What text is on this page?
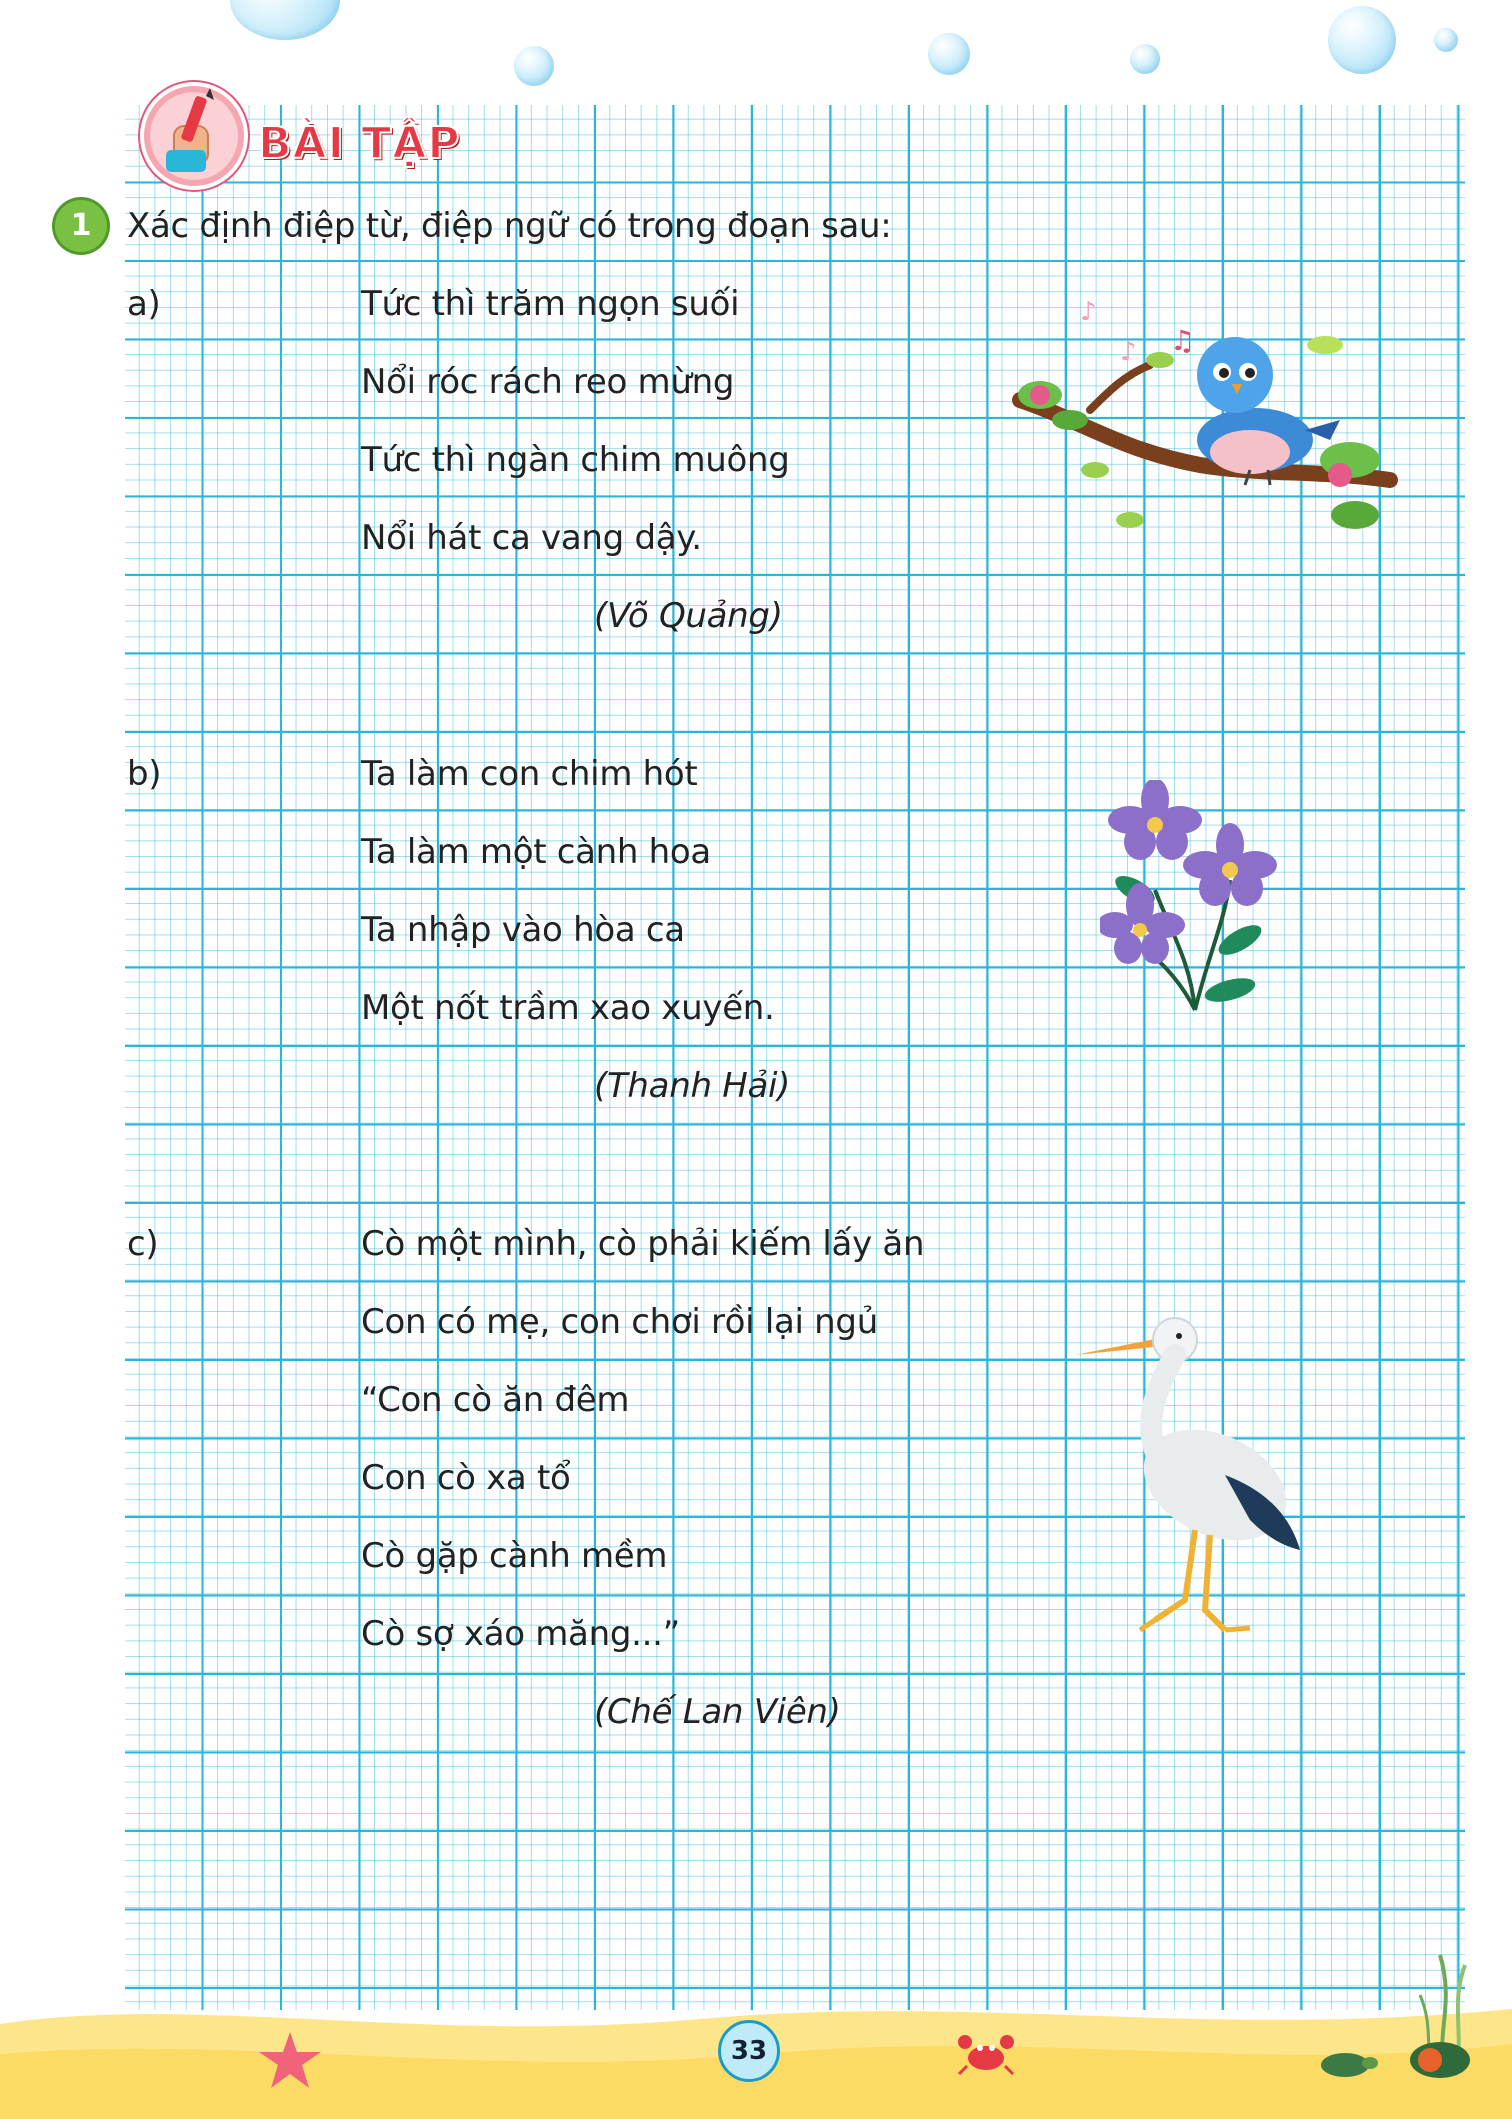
BÀI TẬP
1	Xác định điệp từ, điệp ngữ có trong đoạn sau:
a)	Tức thì trăm ngọn suối
Nổi róc rách reo mừng
Tức thì ngàn chim muông
Nổi hát ca vang dậy.
(Võ Quảng)
b)	Ta làm con chim hót
Ta làm một cành hoa
Ta nhập vào hòa ca
Một nốt trầm xao xuyến.
(Thanh Hải)
c)	Cò một mình, cò phải kiếm lấy ăn
Con có mẹ, con chơi rồi lại ngủ
“Con cò ăn đêm
Con cò xa tổ
Cò gặp cành mềm
Cò sợ xáo măng...”
(Chế Lan Viên)
♪
♪ ♫
33
